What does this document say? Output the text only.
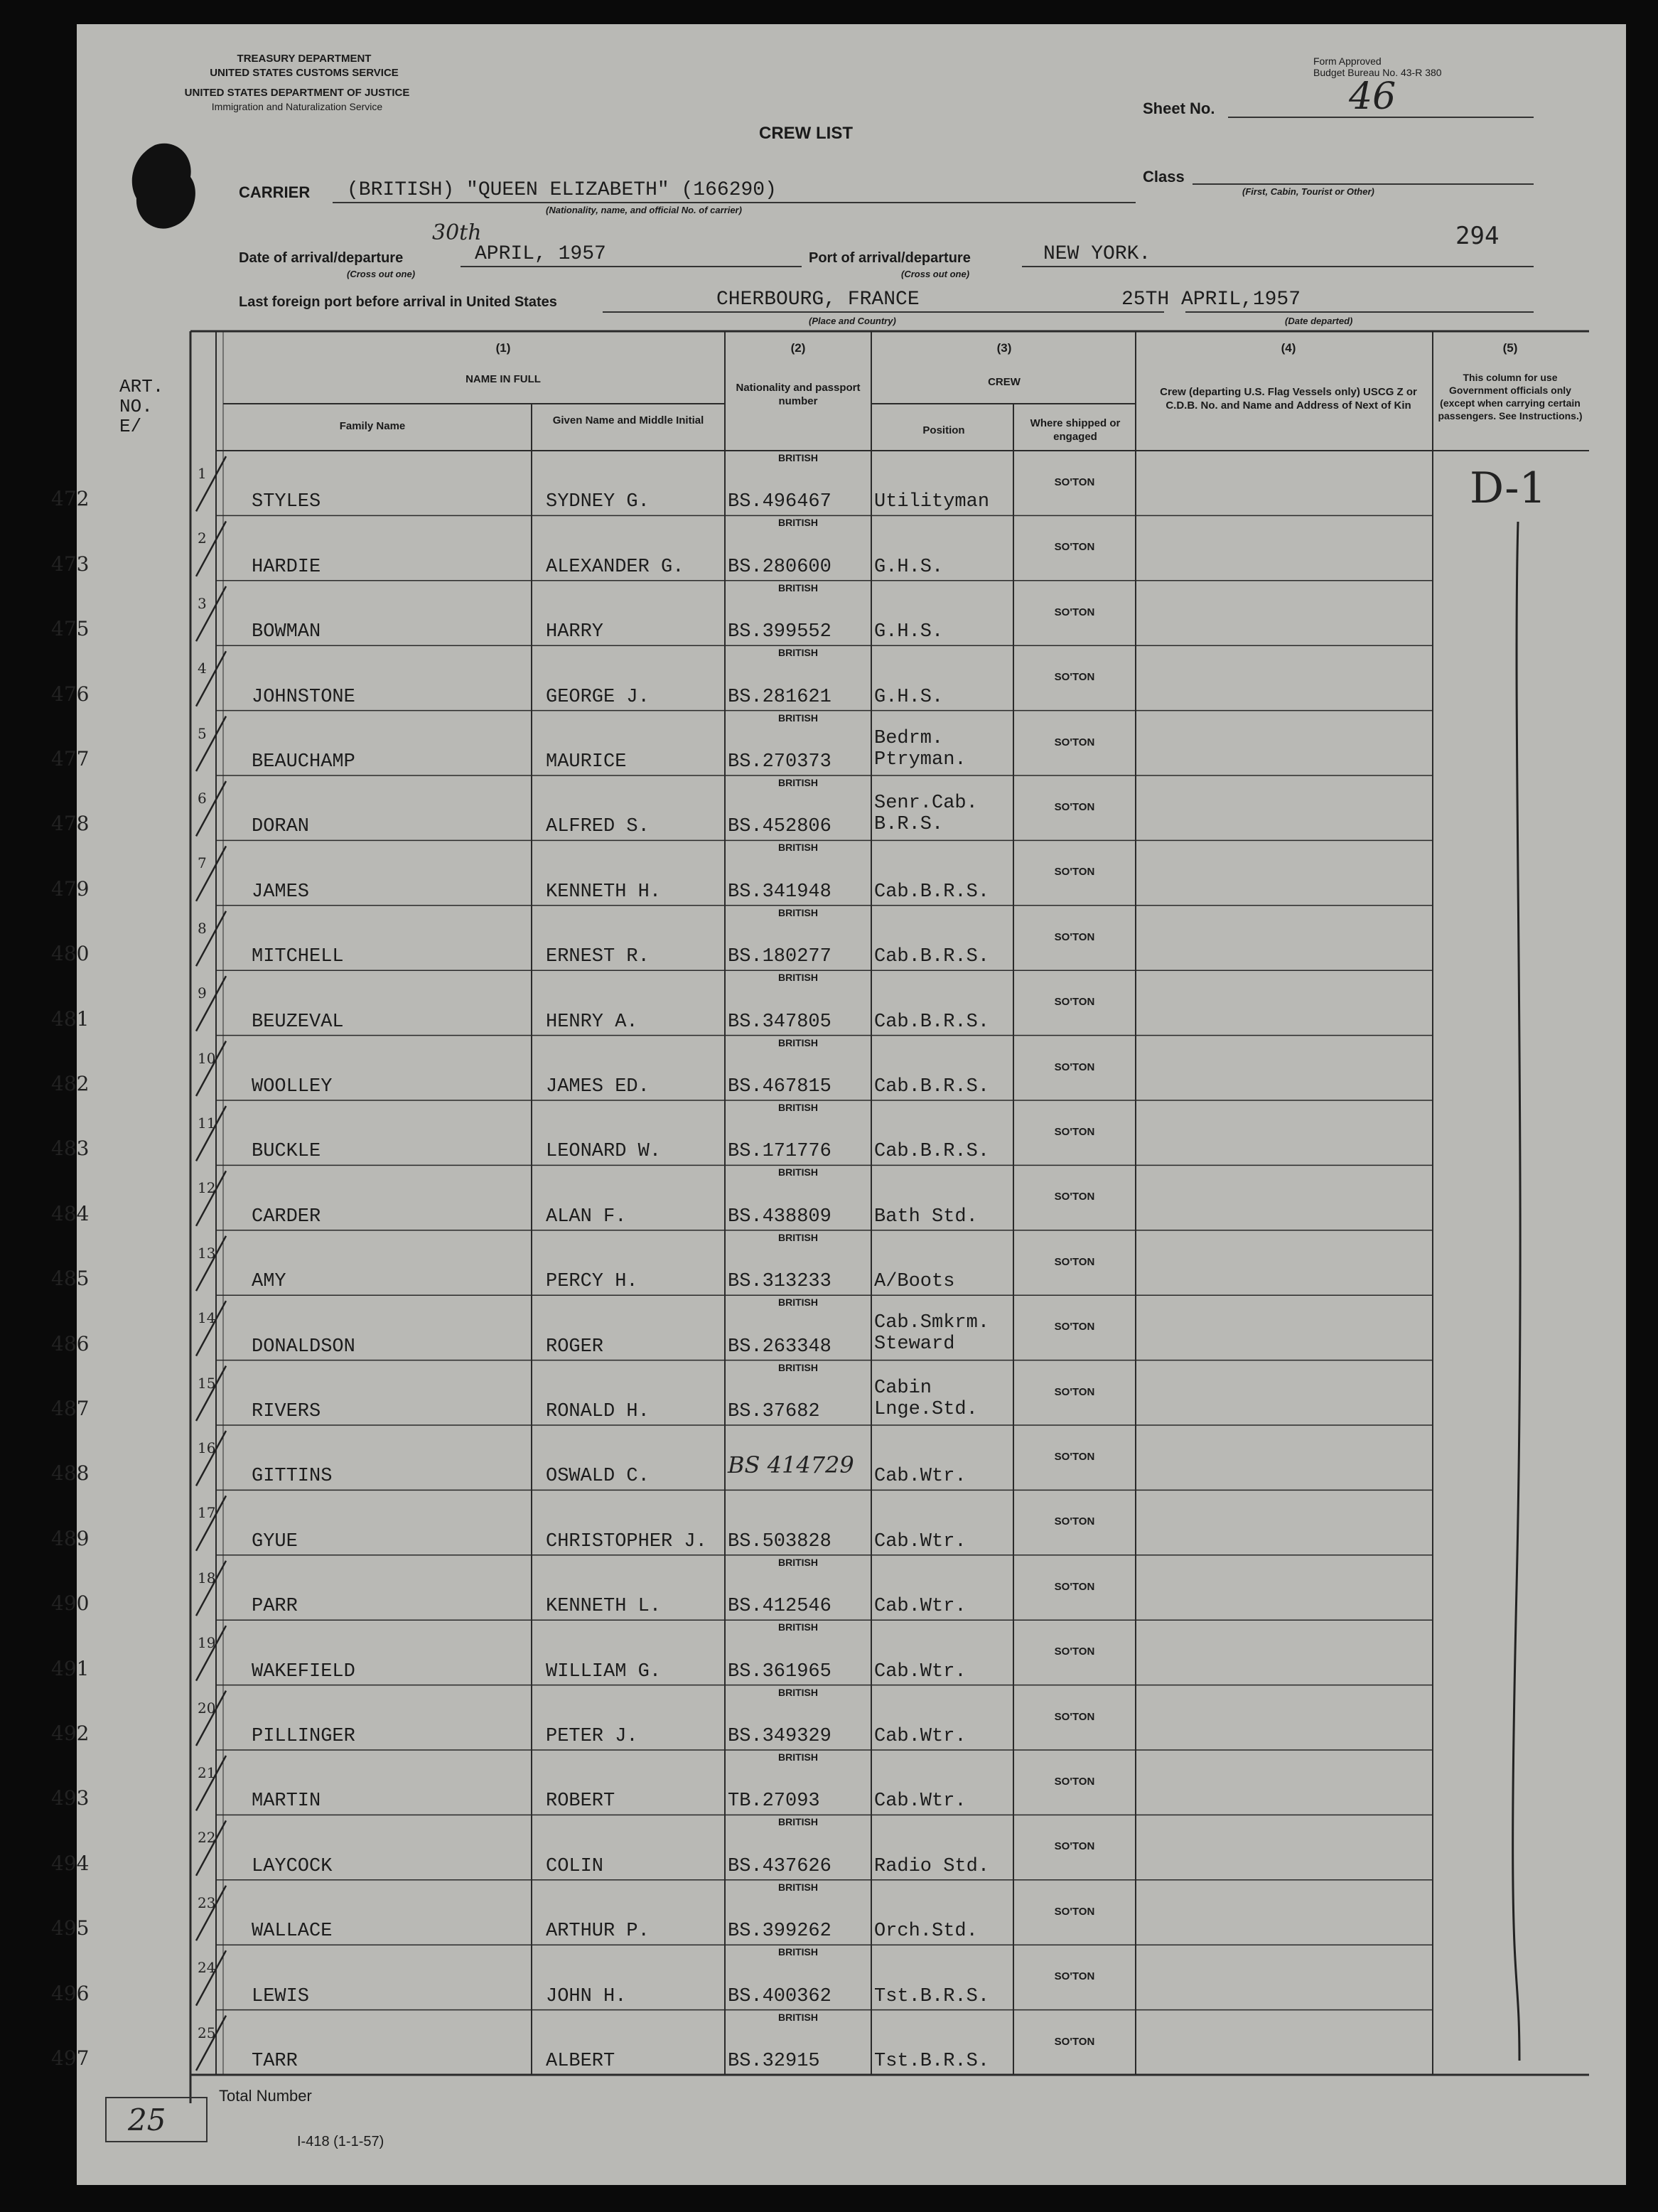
TREASURY DEPARTMENT
UNITED STATES CUSTOMS SERVICE
UNITED STATES DEPARTMENT OF JUSTICE
Immigration and Naturalization Service
CREW LIST
Form Approved
Budget Bureau No. 43-R 380
Sheet No.	46
Class
(First, Cabin, Tourist or Other)
CARRIER (BRITISH) "QUEEN ELIZABETH" (166290)
(Nationality, name, and official No. of carrier)
294
Date of arrival/departure
(Cross out one)
30th
APRIL, 1957	Port of arrival/departure
(Cross out one)
NEW YORK.
Last foreign port before arrival in United States	CHERBOURG, FRANCE
(Place and Country)
25TH APRIL,1957
(Date departed)
ART. NO. E/
(1)
NAME IN FULL
Family Name	Given Name and Middle Initial
(2)
Nationality and passport number
(3)
CREW
Position
Where shipped or engaged
(4)
Crew (departing U.S. Flag Vessels only) USCG Z or C.D.B. No. and Name and Address of Next of Kin
(5)
This column for use Government officials only (except when carrying certain passengers. See Instructions.)
472
1
STYLES	SYDNEY G.
BRITISH
BS.496467 Utilityman
SO'TON
473
2
HARDIE	ALEXANDER G.
BRITISH
BS.280600 G.H.S.
SO'TON
475
3
BOWMAN	HARRY
BRITISH
BS.399552 G.H.S.
SO'TON
476
4
JOHNSTONE	GEORGE J.
BRITISH
BS.281621 G.H.S.
SO'TON
477
5
BEAUCHAMP	MAURICE
BRITISH
BS.270373
Bedrm.
Ptryman.
SO'TON
478
6
DORAN	ALFRED S.
BRITISH
BS.452806
Senr.Cab.
B.R.S.
SO'TON
479
7
JAMES	KENNETH H.
BRITISH
BS.341948 Cab.B.R.S.
SO'TON
480
8
MITCHELL	ERNEST R.
BRITISH
BS.180277 Cab.B.R.S.
SO'TON
481
9
BEUZEVAL	HENRY A.
BRITISH
BS.347805 Cab.B.R.S.
SO'TON
482
10
WOOLLEY	JAMES ED.
BRITISH
BS.467815 Cab.B.R.S.
SO'TON
483
11
BUCKLE	LEONARD W.
BRITISH
BS.171776 Cab.B.R.S.
SO'TON
484
12
CARDER	ALAN F.
BRITISH
BS.438809 Bath Std.
SO'TON
485
13
AMY	PERCY H.
BRITISH
BS.313233 A/Boots
SO'TON
486
14
DONALDSON	ROGER
BRITISH
BS.263348
Cab.Smkrm.
Steward
SO'TON
487
15
RIVERS	RONALD H.
BRITISH
BS.37682
Cabin
Lnge.Std.
SO'TON
488
16
GITTINS	OSWALD C.	BS 414729 Cab.Wtr.
SO'TON
489
17
GYUE	CHRISTOPHER J. BS.503828 Cab.Wtr.
SO'TON
490
18
PARR	KENNETH L.
BRITISH
BS.412546 Cab.Wtr.
SO'TON
491
19
WAKEFIELD	WILLIAM G.
BRITISH
BS.361965 Cab.Wtr.
SO'TON
492
20
PILLINGER	PETER J.
BRITISH
BS.349329 Cab.Wtr.
SO'TON
493
21
MARTIN	ROBERT
BRITISH
TB.27093	Cab.Wtr.
SO'TON
494
22
LAYCOCK	COLIN
BRITISH
BS.437626 Radio Std.
SO'TON
495
23
WALLACE	ARTHUR P.
BRITISH
BS.399262 Orch.Std.
SO'TON
496
24
LEWIS	JOHN H.
BRITISH
BS.400362 Tst.B.R.S.
SO'TON
497
25
TARR	ALBERT
BRITISH
BS.32915	Tst.B.R.S.
SO'TON
D-1
Total Number
25
I-418 (1-1-57)
